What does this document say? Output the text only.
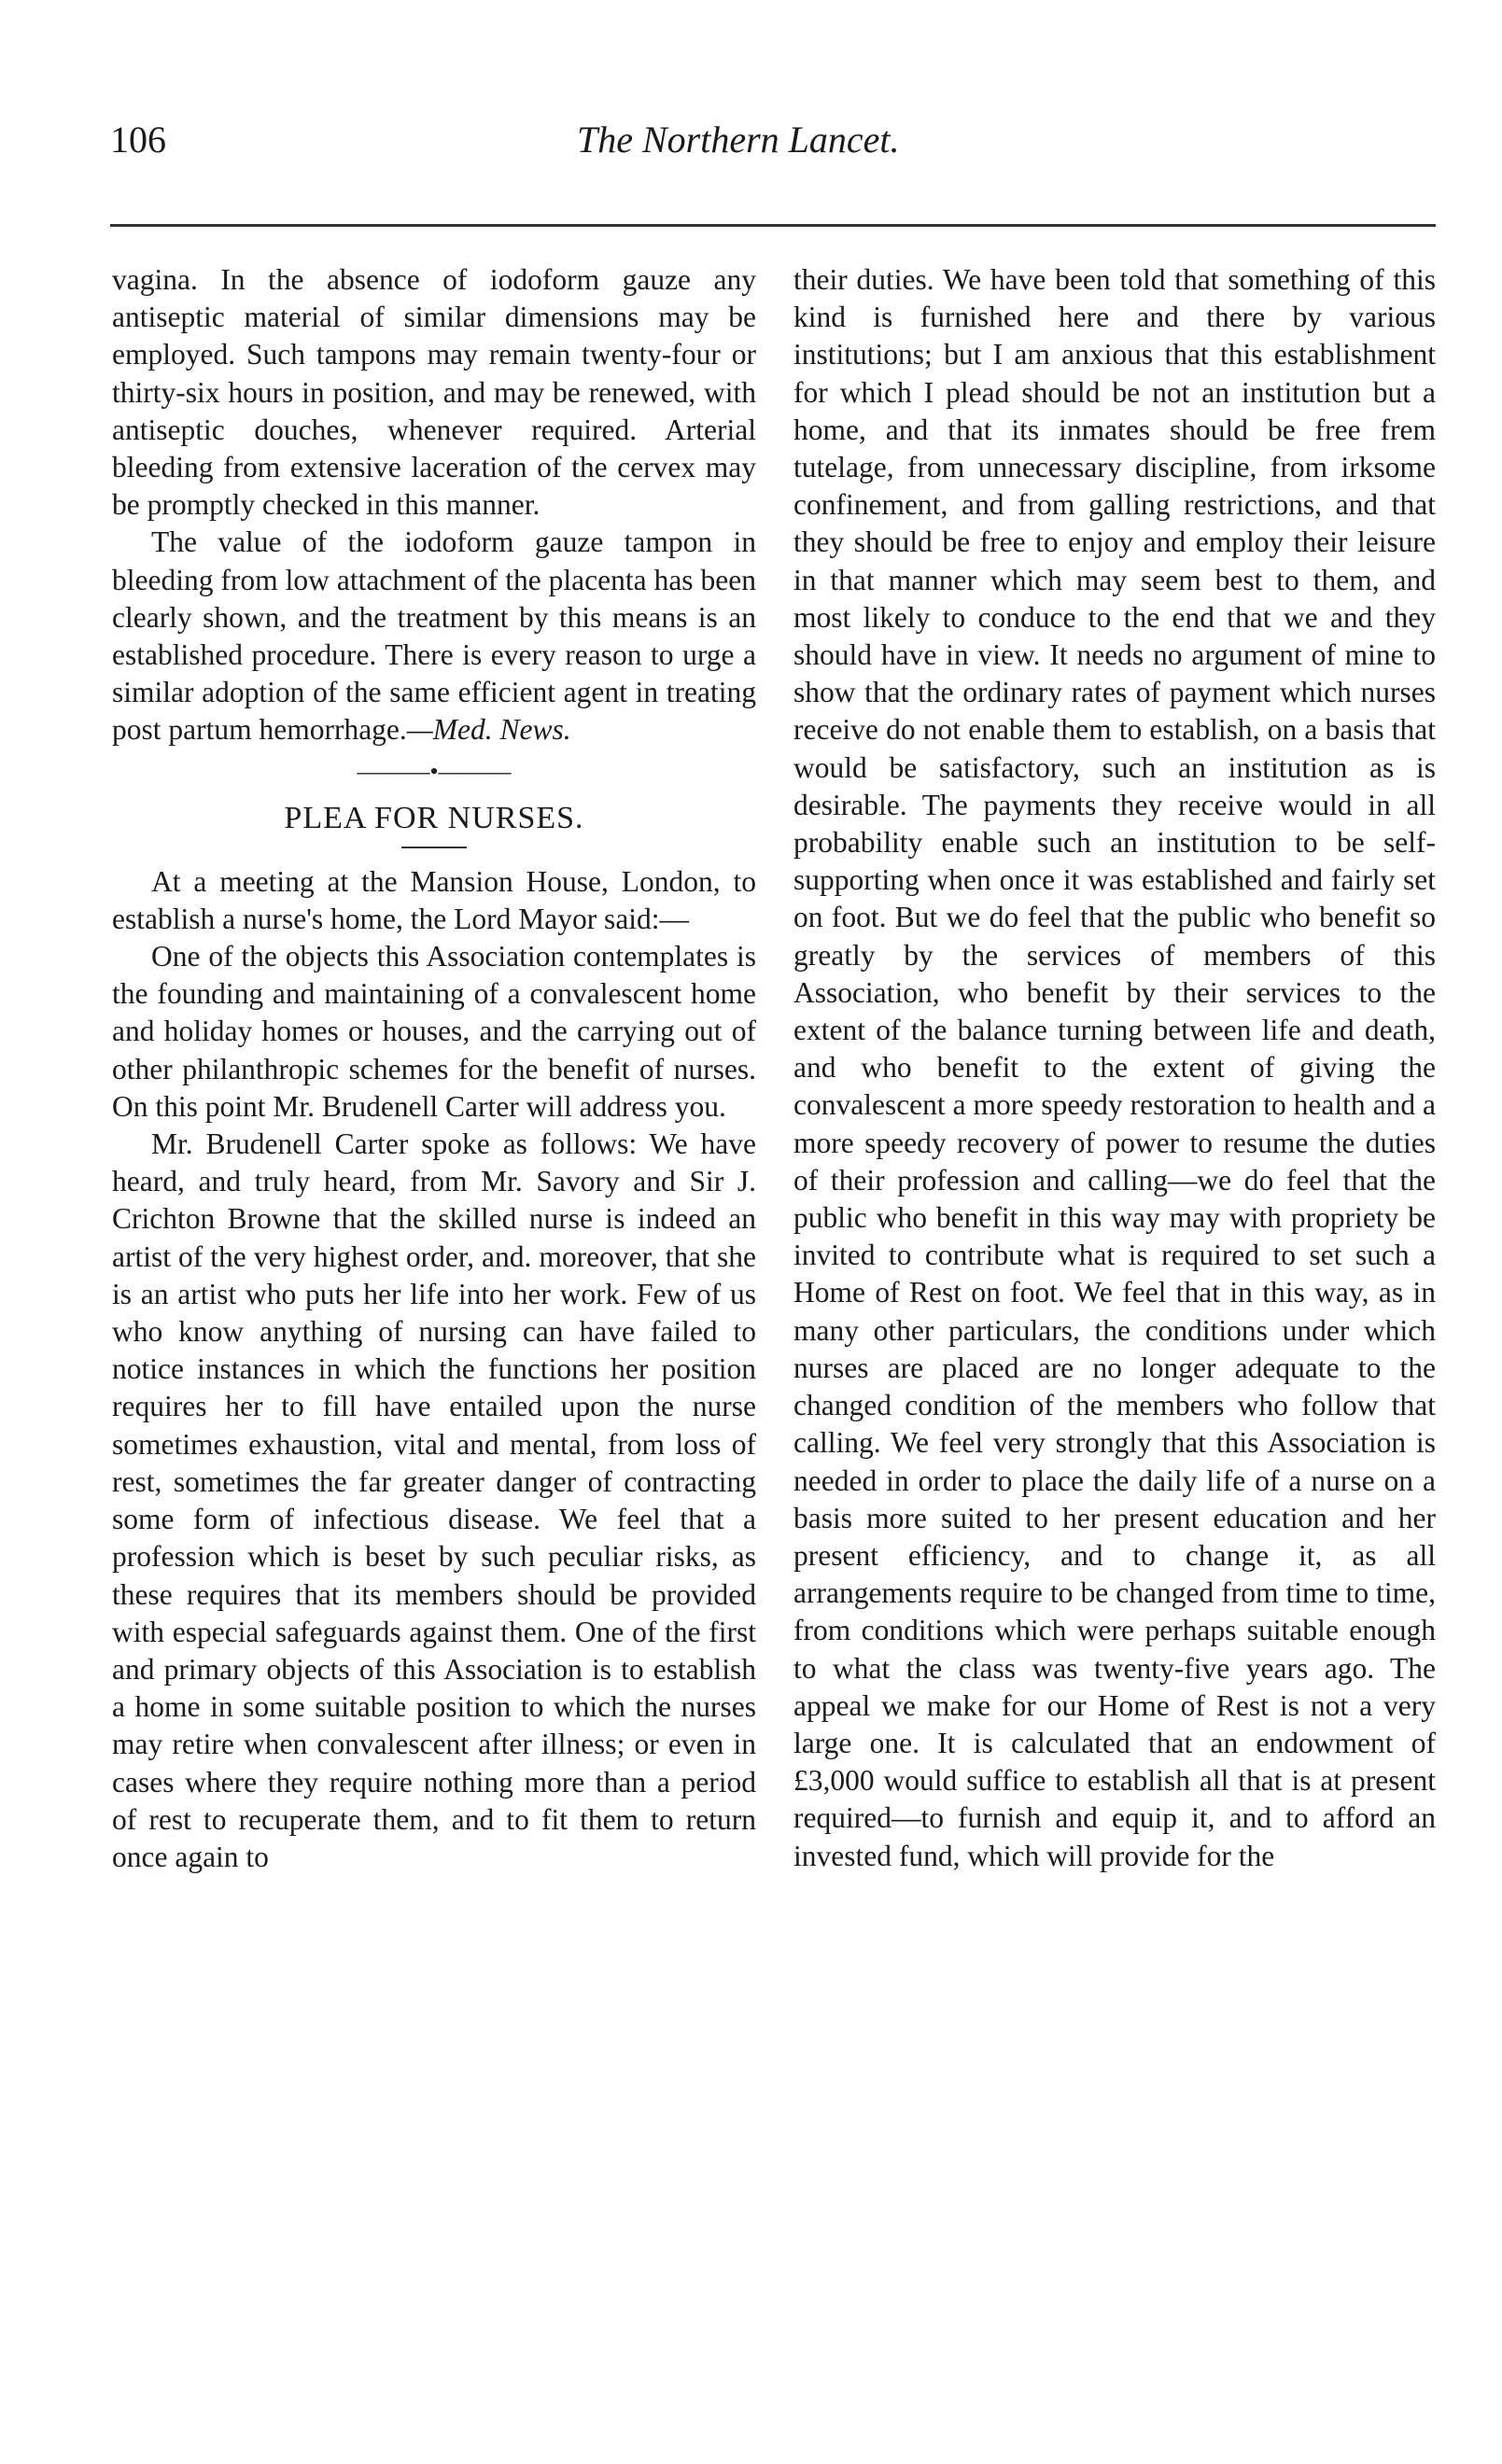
106	The Northern Lancet.

vagina. In the absence of iodoform gauze any antiseptic material of similar dimensions may be employed. Such tampons may remain twenty-four or thirty-six hours in position, and may be renewed, with antiseptic douches, whenever required. Arterial bleeding from extensive laceration of the cervex may be promptly checked in this manner.

The value of the iodoform gauze tampon in bleeding from low attachment of the placenta has been clearly shown, and the treatment by this means is an established procedure. There is every reason to urge a similar adoption of the same efficient agent in treating post partum hemorrhage.—Med. News.

———•———
PLEA FOR NURSES.

At a meeting at the Mansion House, London, to establish a nurse's home, the Lord Mayor said:—

One of the objects this Association contemplates is the founding and maintaining of a convalescent home and holiday homes or houses, and the carrying out of other philanthropic schemes for the benefit of nurses. On this point Mr. Brudenell Carter will address you.

Mr. Brudenell Carter spoke as follows: We have heard, and truly heard, from Mr. Savory and Sir J. Crichton Browne that the skilled nurse is indeed an artist of the very highest order, and. moreover, that she is an artist who puts her life into her work. Few of us who know anything of nursing can have failed to notice instances in which the functions her position requires her to fill have entailed upon the nurse sometimes exhaustion, vital and mental, from loss of rest, sometimes the far greater danger of contracting some form of infectious disease. We feel that a profession which is beset by such peculiar risks, as these requires that its members should be provided with especial safeguards against them. One of the first and primary objects of this Association is to establish a home in some suitable position to which the nurses may retire when convalescent after illness; or even in cases where they require nothing more than a period of rest to recuperate them, and to fit them to return once again to

their duties. We have been told that something of this kind is furnished here and there by various institutions; but I am anxious that this establishment for which I plead should be not an institution but a home, and that its inmates should be free frem tutelage, from unnecessary discipline, from irksome confinement, and from galling restrictions, and that they should be free to enjoy and employ their leisure in that manner which may seem best to them, and most likely to conduce to the end that we and they should have in view. It needs no argument of mine to show that the ordinary rates of payment which nurses receive do not enable them to establish, on a basis that would be satisfactory, such an institution as is desirable. The payments they receive would in all probability enable such an institution to be self-supporting when once it was established and fairly set on foot. But we do feel that the public who benefit so greatly by the services of members of this Association, who benefit by their services to the extent of the balance turning between life and death, and who benefit to the extent of giving the convalescent a more speedy restoration to health and a more speedy recovery of power to resume the duties of their profession and calling—we do feel that the public who benefit in this way may with propriety be invited to contribute what is required to set such a Home of Rest on foot. We feel that in this way, as in many other particulars, the conditions under which nurses are placed are no longer adequate to the changed condition of the members who follow that calling. We feel very strongly that this Association is needed in order to place the daily life of a nurse on a basis more suited to her present education and her present efficiency, and to change it, as all arrangements require to be changed from time to time, from conditions which were perhaps suitable enough to what the class was twenty-five years ago. The appeal we make for our Home of Rest is not a very large one. It is calculated that an endowment of £3,000 would suffice to establish all that is at present required—to furnish and equip it, and to afford an invested fund, which will provide for the
